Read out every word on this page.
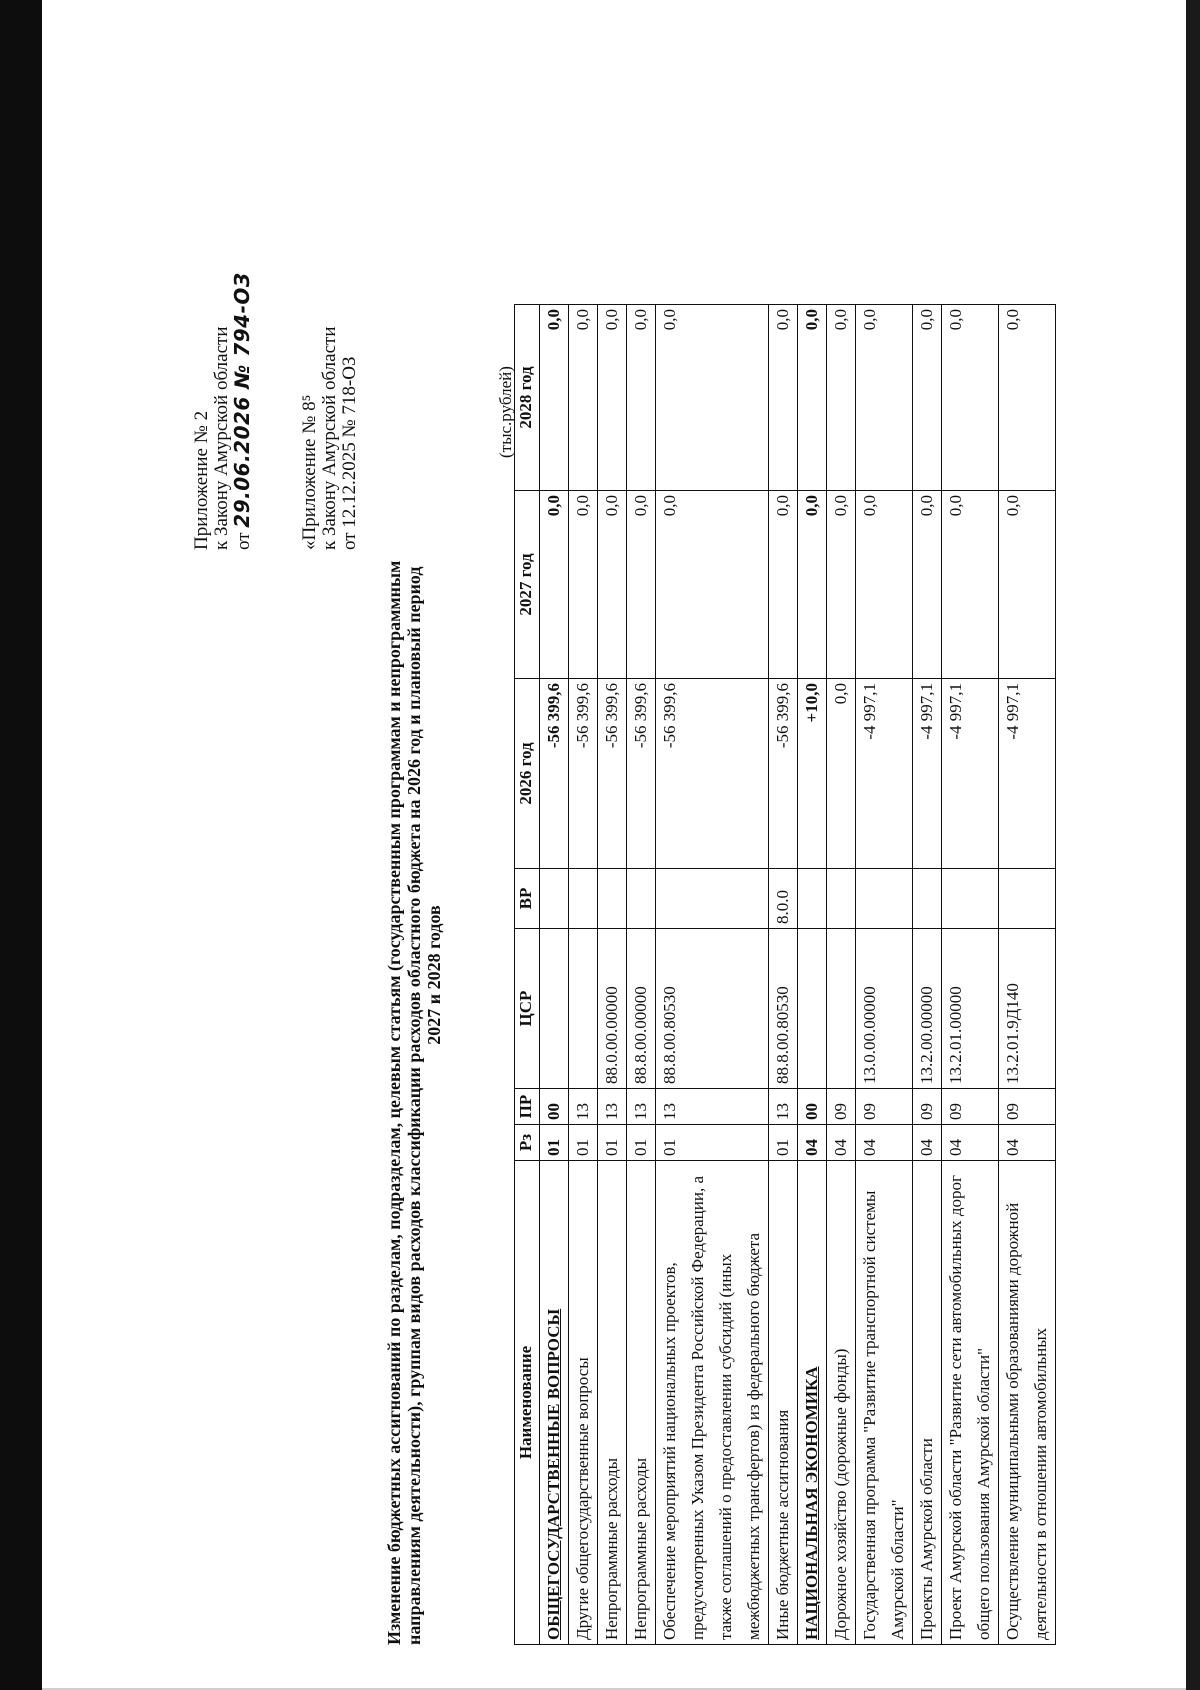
Приложение № 2 к Закону Амурской области от 29.06.2026 № 794-ОЗ «Приложение № 8⁵ к Закону Амурской области от 12.12.2025 № 718-ОЗ
Изменение бюджетных ассигнований по разделам, подразделам, целевым статьям (государственным программам и непрограммным направлениям деятельности), группам видов расходов классификации расходов областного бюджета на 2026 год и плановый период 2027 и 2028 годов
(тыс.рублей)
Наименование	Рз	ПР	ЦСР	ВР	2026 год	2027 год	2028 год
ОБЩЕГОСУДАРСТВЕННЫЕ ВОПРОСЫ	01	00			-56 399,6	0,0	0,0
Другие общегосударственные вопросы	01	13			-56 399,6	0,0	0,0
Непрограммные расходы	01	13	88.0.00.00000		-56 399,6	0,0	0,0
Непрограммные расходы	01	13	88.8.00.00000		-56 399,6	0,0	0,0
Обеспечение мероприятий национальных проектов, предусмотренных Указом Президента Российской Федерации, а также соглашений о предоставлении субсидий (иных межбюджетных трансфертов) из федерального бюджета	01	13	88.8.00.80530		-56 399,6	0,0	0,0
Иные бюджетные ассигнования	01	13	88.8.00.80530	8.0.0	-56 399,6	0,0	0,0
НАЦИОНАЛЬНАЯ ЭКОНОМИКА	04	00			+10,0	0,0	0,0
Дорожное хозяйство (дорожные фонды)	04	09			0,0	0,0	0,0
Государственная программа "Развитие транспортной системы Амурской области"	04	09	13.0.00.00000		-4 997,1	0,0	0,0
Проекты Амурской области	04	09	13.2.00.00000		-4 997,1	0,0	0,0
Проект Амурской области "Развитие сети автомобильных дорог общего пользования Амурской области"	04	09	13.2.01.00000		-4 997,1	0,0	0,0
Осуществление муниципальными образованиями дорожной деятельности в отношении автомобильных	04	09	13.2.01.9Д140		-4 997,1	0,0	0,0
